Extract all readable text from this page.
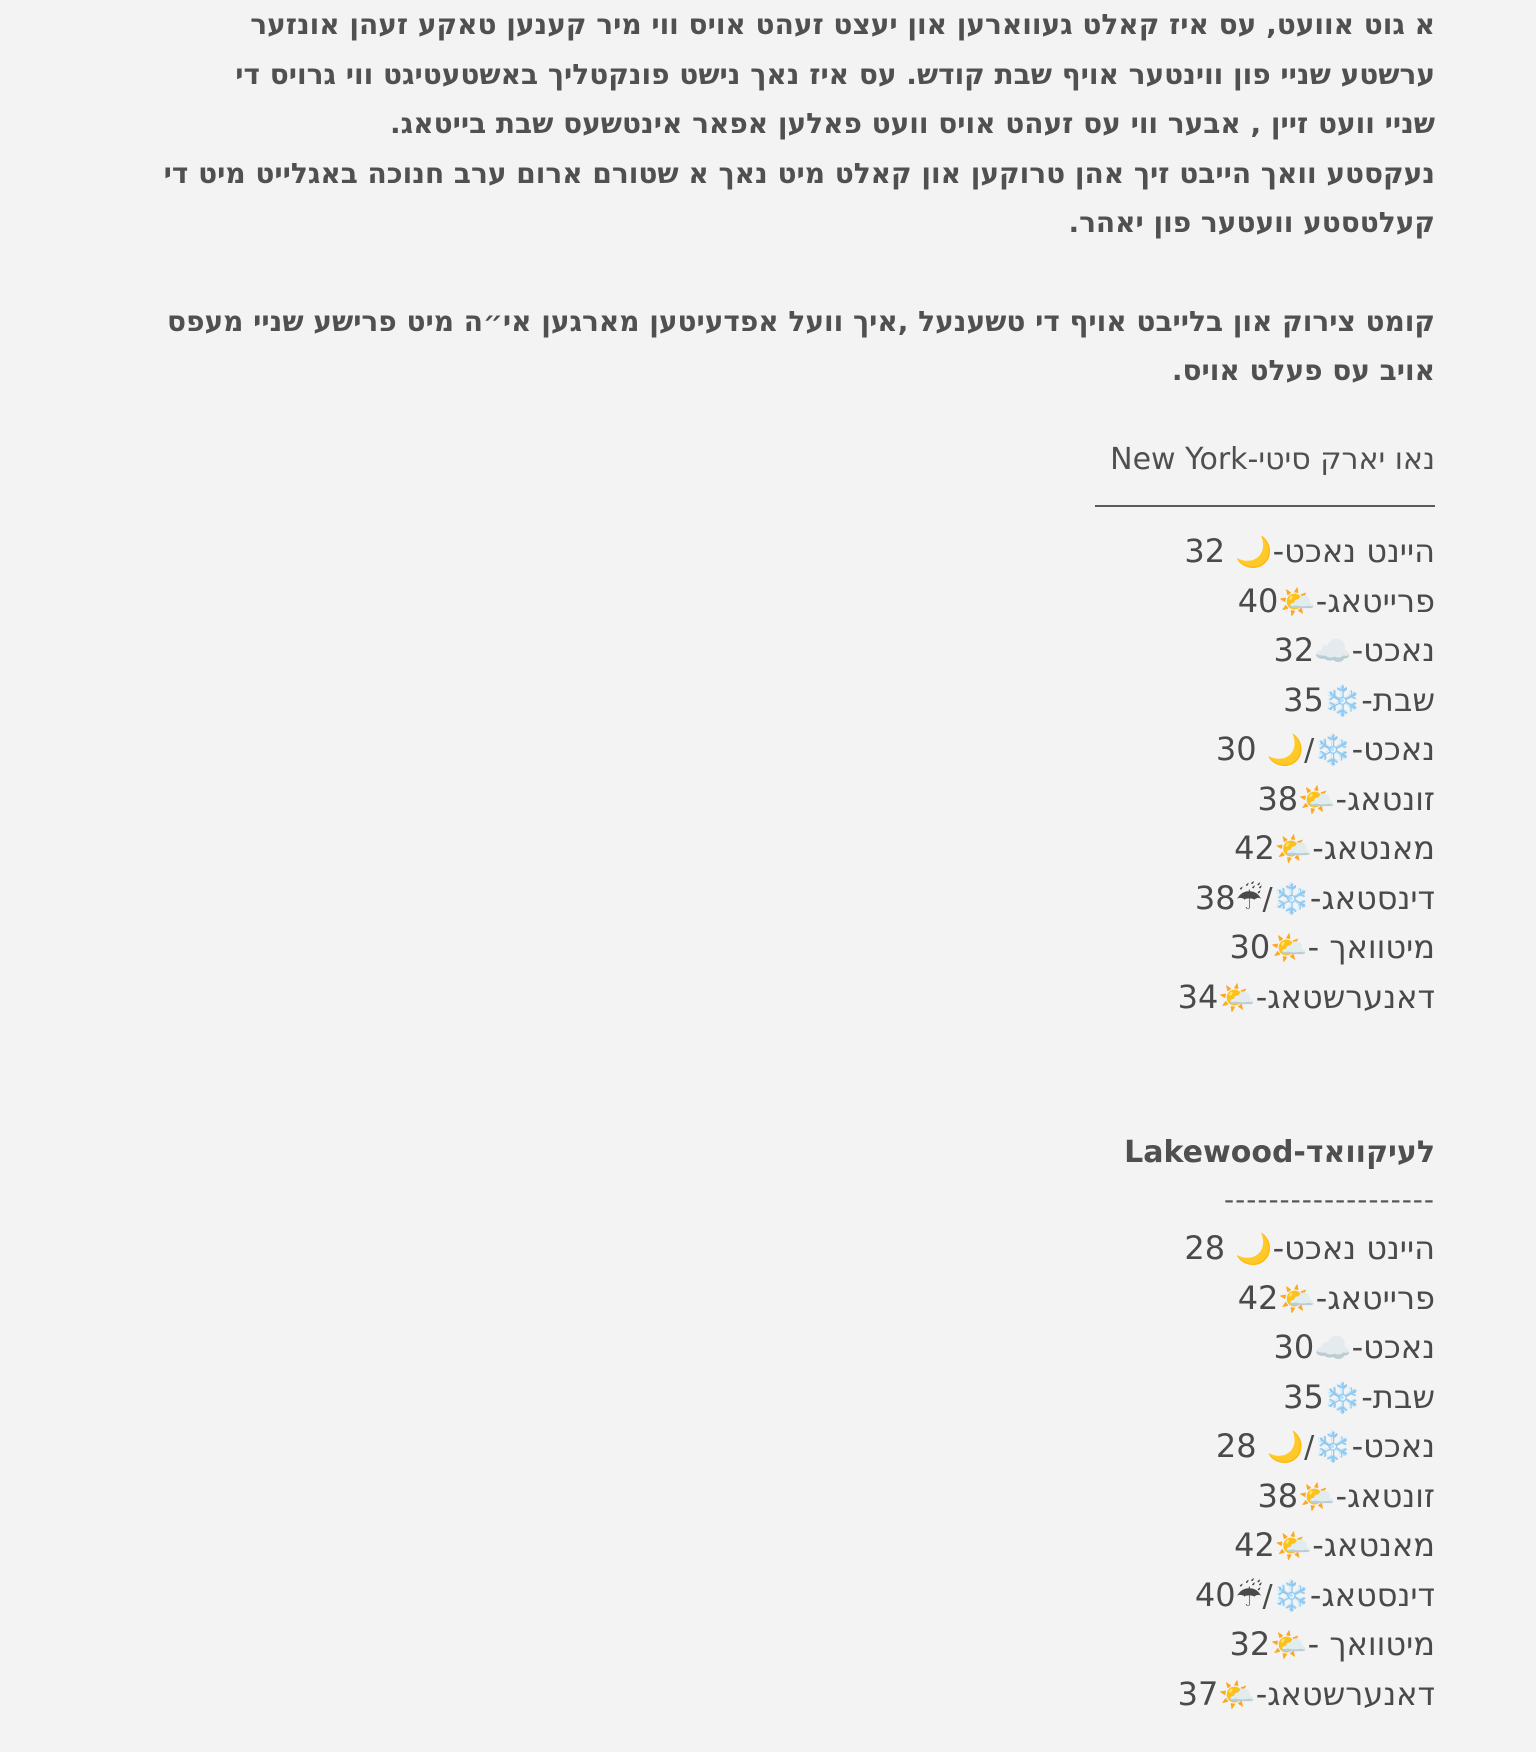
א גוט אוועט, עס איז קאלט געווארען און יעצט זעהט אויס ווי מיר קענען טאקע זעהן אונזער
ערשטע שניי פון ווינטער אויף שבת קודש. עס איז נאך נישט פונקטליך באשטעטיגט ווי גרויס די
שניי וועט זיין , אבער ווי עס זעהט אויס וועט פאלען אפאר אינטשעס שבת בייטאג.
נעקסטע וואך הייבט זיך אהן טרוקען און קאלט מיט נאך א שטורם ארום ערב חנוכה באגלייט מיט די
קעלטסטע וועטער פון יאהר.
קומט צירוק און בלייבט אויף די טשענעל ,איך וועל אפדעיטען מארגען אי״ה מיט פרישע שניי מעפס
אויב עס פעלט אויס.
נאו יארק סיטי-New York
היינט נאכט-🌙 32
פרייטאג-🌤️40
נאכט-☁️32
שבת-❄️35
נאכט-❄️/🌙 30
זונטאג-🌤️38
מאנטאג-🌤️42
דינסטאג-❄️/☔38
מיטוואך -🌤️30
דאנערשטאג-🌤️34
לעיקוואד-Lakewood
-------------------
היינט נאכט-🌙 28
פרייטאג-🌤️42
נאכט-☁️30
שבת-❄️35
נאכט-❄️/🌙 28
זונטאג-🌤️38
מאנטאג-🌤️42
דינסטאג-❄️/☔40
מיטוואך -🌤️32
דאנערשטאג-🌤️37
